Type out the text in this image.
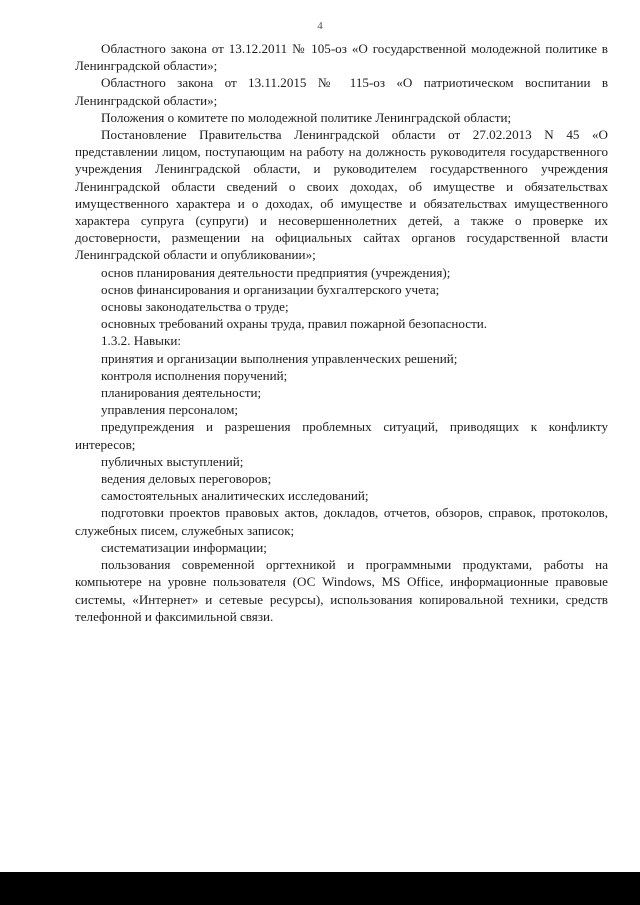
4

Областного закона от 13.12.2011 № 105-оз «О государственной молодежной политике в Ленинградской области»;

Областного закона от 13.11.2015 № 115-оз «О патриотическом воспитании в Ленинградской области»;

Положения о комитете по молодежной политике Ленинградской области;

Постановление Правительства Ленинградской области от 27.02.2013 N 45 «О представлении лицом, поступающим на работу на должность руководителя государственного учреждения Ленинградской области, и руководителем государственного учреждения Ленинградской области сведений о своих доходах, об имуществе и обязательствах имущественного характера и о доходах, об имуществе и обязательствах имущественного характера супруга (супруги) и несовершеннолетних детей, а также о проверке их достоверности, размещении на официальных сайтах органов государственной власти Ленинградской области и опубликовании»;

основ планирования деятельности предприятия (учреждения);

основ финансирования и организации бухгалтерского учета;

основы законодательства о труде;

основных требований охраны труда, правил пожарной безопасности.

1.3.2. Навыки:

принятия и организации выполнения управленческих решений;

контроля исполнения поручений;

планирования деятельности;

управления персоналом;

предупреждения и разрешения проблемных ситуаций, приводящих к конфликту интересов;

публичных выступлений;

ведения деловых переговоров;

самостоятельных аналитических исследований;

подготовки проектов правовых актов, докладов, отчетов, обзоров, справок, протоколов, служебных писем, служебных записок;

систематизации информации;

пользования современной оргтехникой и программными продуктами, работы на компьютере на уровне пользователя (ОС Windows, MS Office, информационные правовые системы, «Интернет» и сетевые ресурсы), использования копировальной техники, средств телефонной и факсимильной связи.
